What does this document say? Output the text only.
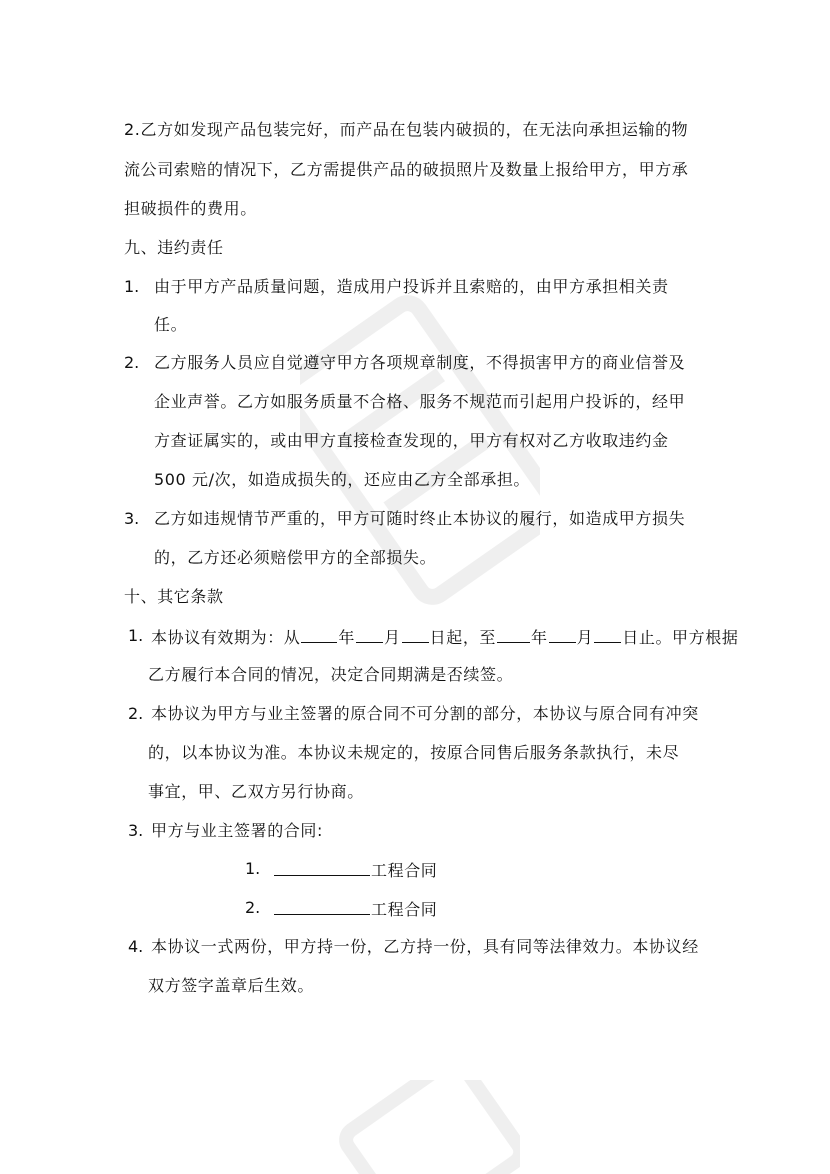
2.乙方如发现产品包装完好，而产品在包装内破损的，在无法向承担运输的物
流公司索赔的情况下，乙方需提供产品的破损照片及数量上报给甲方，甲方承
担破损件的费用。
九、违约责任
1. 由于甲方产品质量问题，造成用户投诉并且索赔的，由甲方承担相关责
任。
2. 乙方服务人员应自觉遵守甲方各项规章制度，不得损害甲方的商业信誉及
企业声誉。乙方如服务质量不合格、服务不规范而引起用户投诉的，经甲
方查证属实的，或由甲方直接检查发现的，甲方有权对乙方收取违约金
500 元/次，如造成损失的，还应由乙方全部承担。
3. 乙方如违规情节严重的，甲方可随时终止本协议的履行，如造成甲方损失
的，乙方还必须赔偿甲方的全部损失。
十、其它条款
1. 本协议有效期为：从 年 月 日起，至 年 月 日止。甲方根据
乙方履行本合同的情况，决定合同期满是否续签。
2. 本协议为甲方与业主签署的原合同不可分割的部分，本协议与原合同有冲突
的，以本协议为准。本协议未规定的，按原合同售后服务条款执行，未尽
事宜，甲、乙双方另行协商。
3. 甲方与业主签署的合同:
1.	工程合同
2.	工程合同
4. 本协议一式两份，甲方持一份，乙方持一份，具有同等法律效力。本协议经
双方签字盖章后生效。
